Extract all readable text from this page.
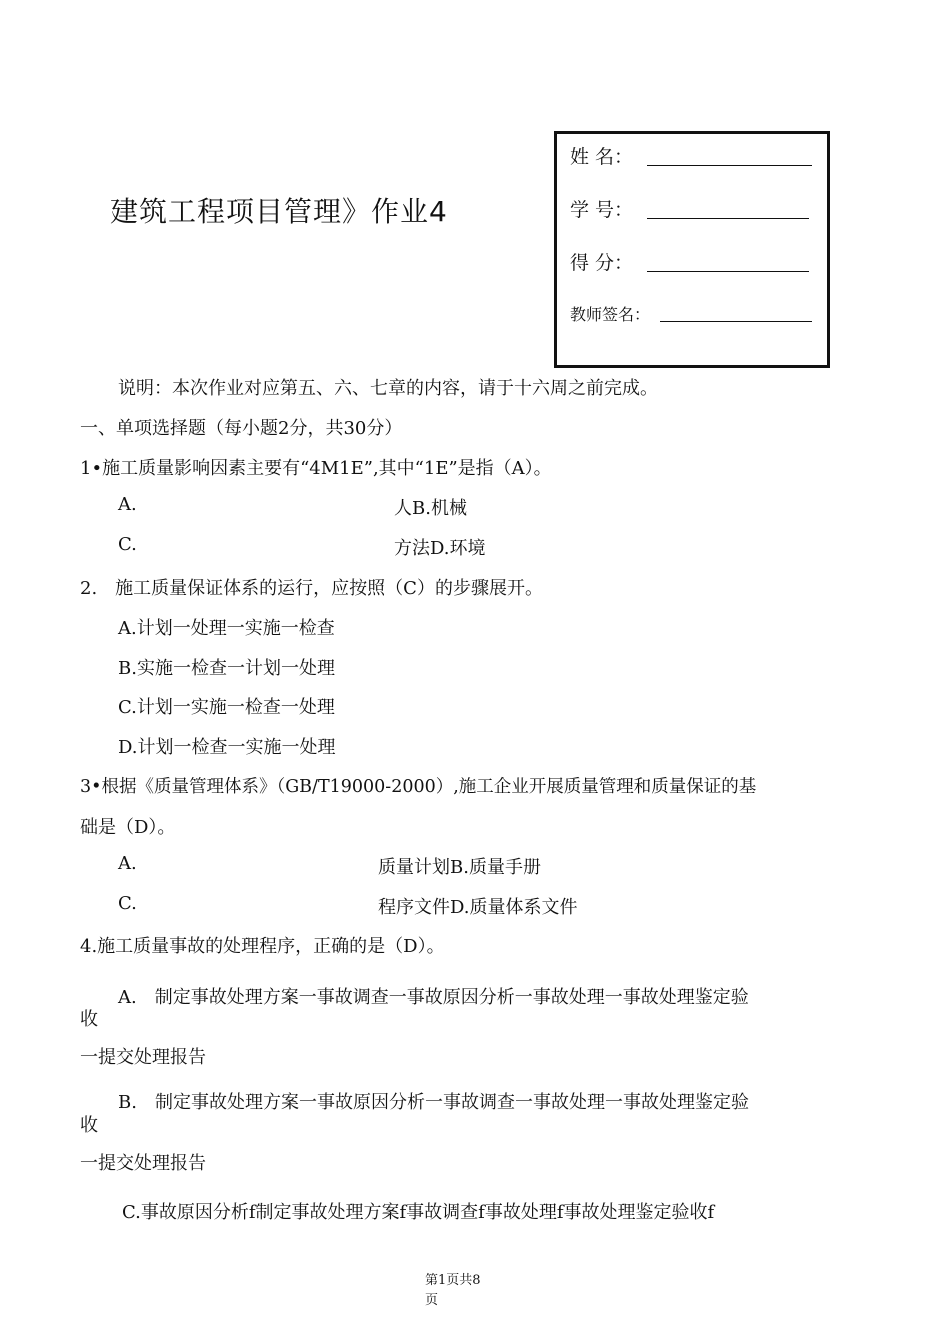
建筑工程项目管理》作业4
姓 名：
学 号：
得 分：
教师签名：
说明：本次作业对应第五、六、七章的内容，请于十六周之前完成。
一、单项选择题（每小题2分，共30分）
1•施工质量影响因素主要有“4M1E”,其中“1E”是指（A）。
A.	人B.机械
C.	方法D.环境
2.　施工质量保证体系的运行，应按照（C）的步骤展开。
A.计划一处理一实施一检查
B.实施一检查一计划一处理
C.计划一实施一检查一处理
D.计划一检查一实施一处理
3•根据《质量管理体系》（GB/T19000-2000）,施工企业开展质量管理和质量保证的基
础是（D）。
A.	质量计划B.质量手册
C.	程序文件D.质量体系文件
4.施工质量事故的处理程序，正确的是（D）。
A.　制定事故处理方案一事故调查一事故原因分析一事故处理一事故处理鉴定验
收
一提交处理报告
B.　制定事故处理方案一事故原因分析一事故调查一事故处理一事故处理鉴定验
收
一提交处理报告
C.事故原因分析f制定事故处理方案f事故调查f事故处理f事故处理鉴定验收f
第1页共8
页
